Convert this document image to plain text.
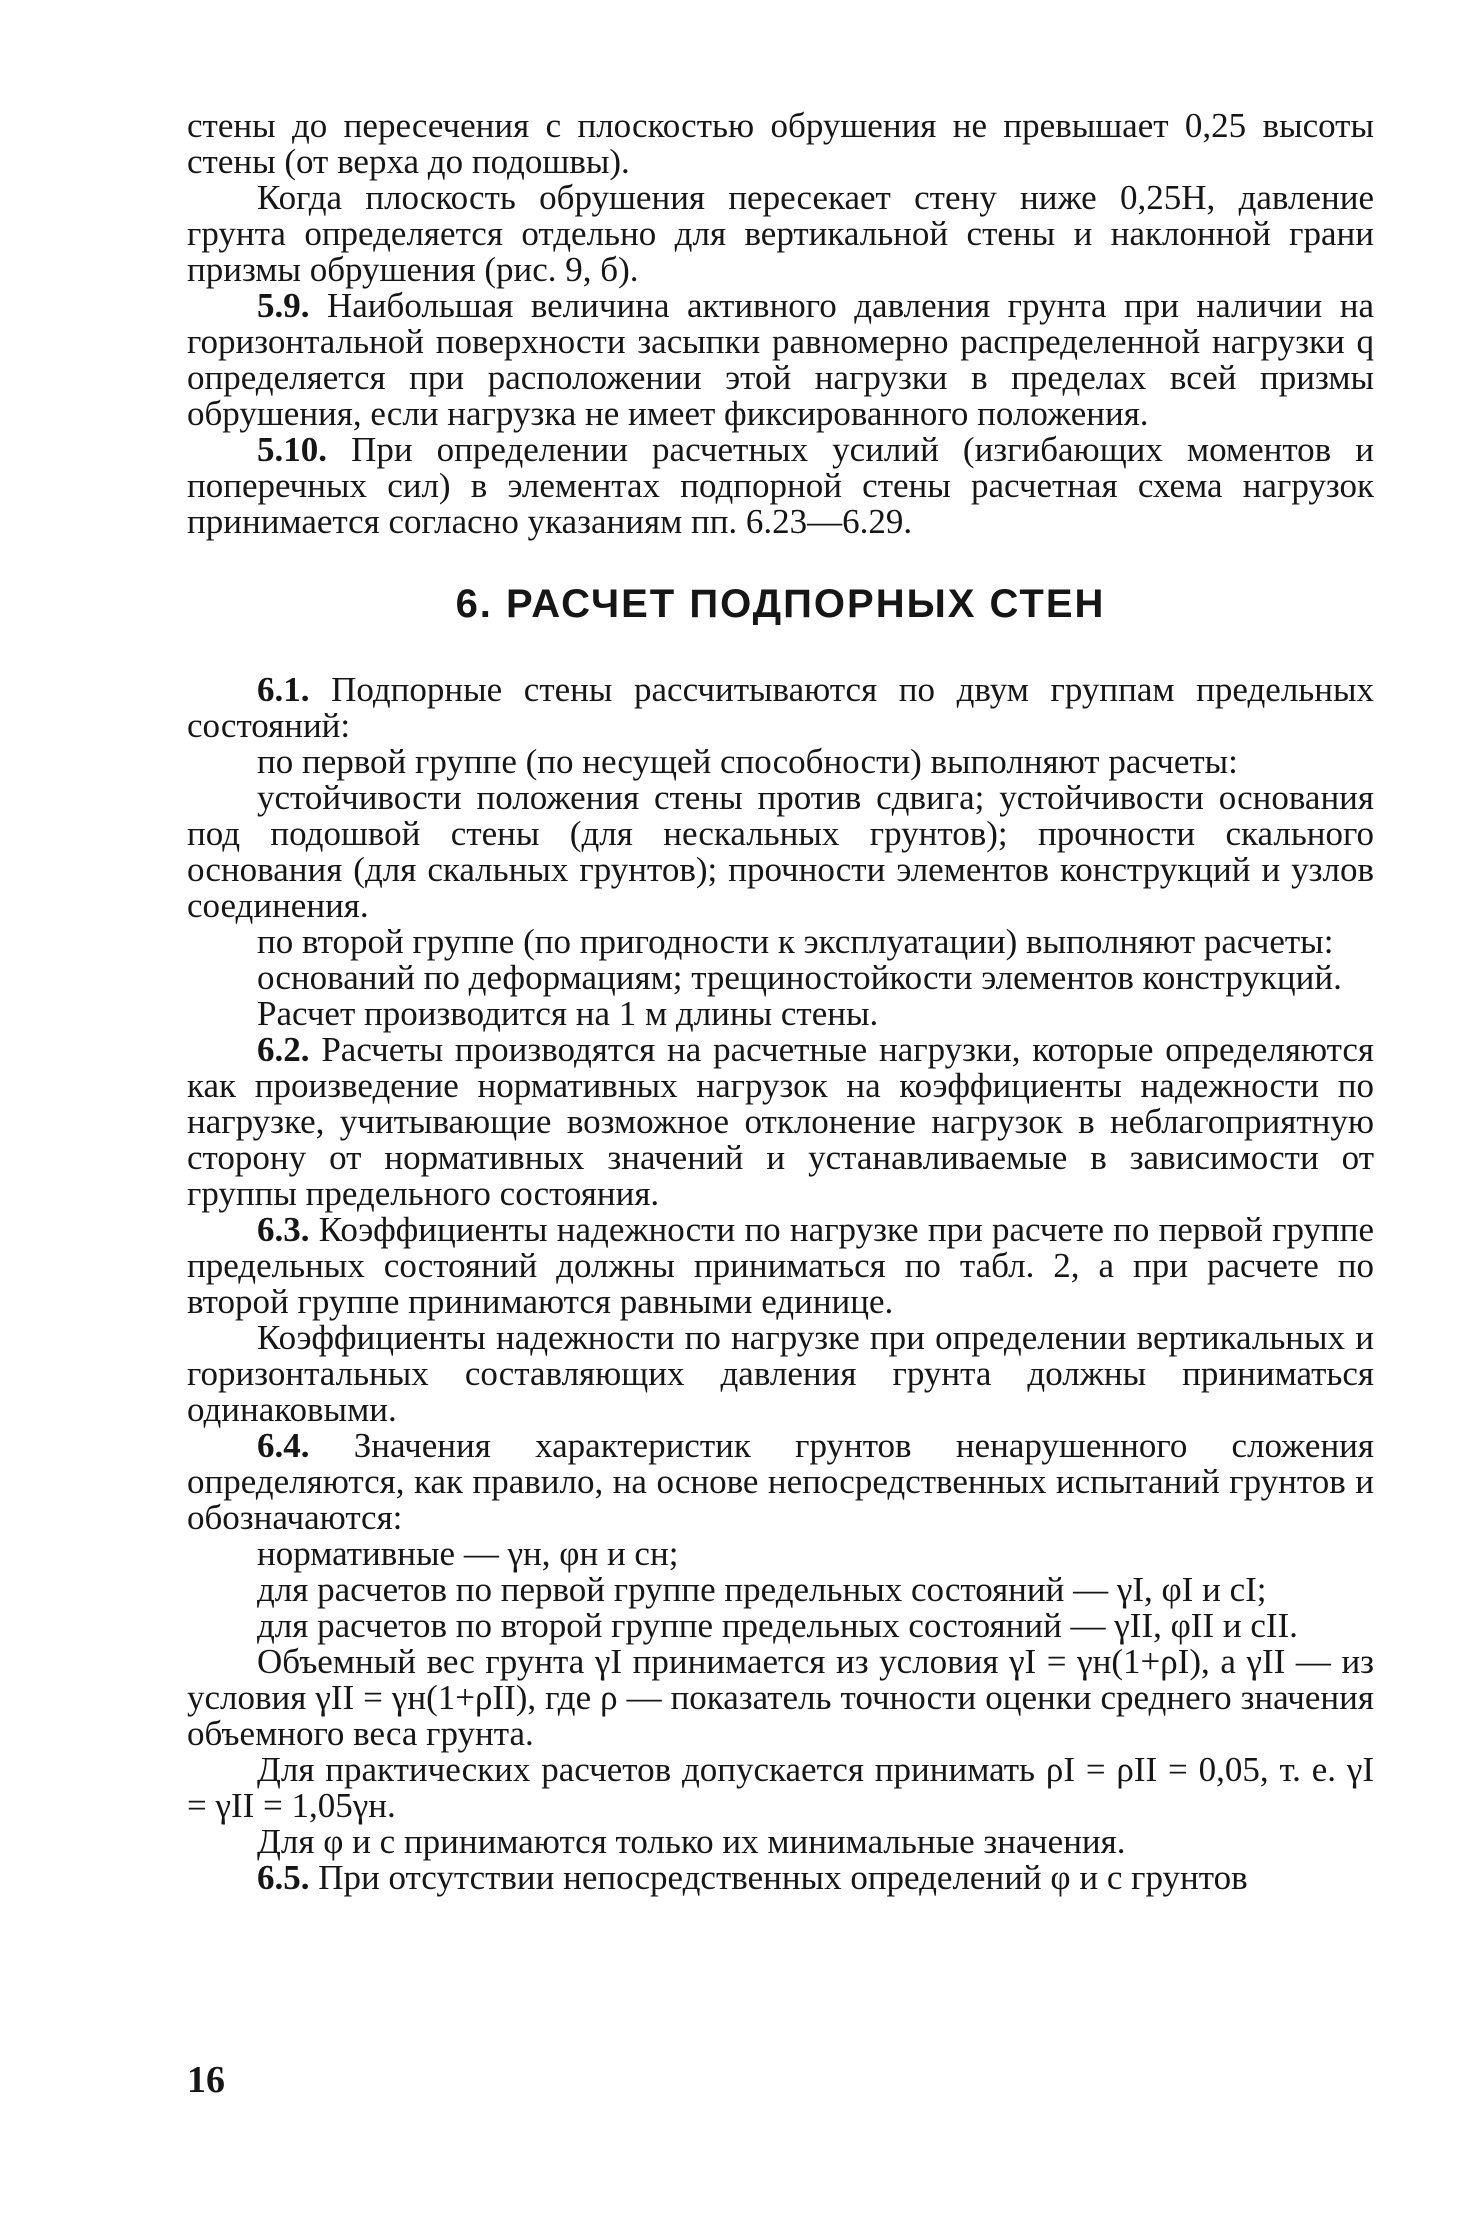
стены до пересечения с плоскостью обрушения не превышает 0,25 высоты стены (от верха до подошвы).

Когда плоскость обрушения пересекает стену ниже 0,25H, давление грунта определяется отдельно для вертикальной стены и наклонной грани призмы обрушения (рис. 9, б).

5.9. Наибольшая величина активного давления грунта при наличии на горизонтальной поверхности засыпки равномерно распределенной нагрузки q определяется при расположении этой нагрузки в пределах всей призмы обрушения, если нагрузка не имеет фиксированного положения.

5.10. При определении расчетных усилий (изгибающих моментов и поперечных сил) в элементах подпорной стены расчетная схема нагрузок принимается согласно указаниям пп. 6.23—6.29.

6. РАСЧЕТ ПОДПОРНЫХ СТЕН

6.1. Подпорные стены рассчитываются по двум группам предельных состояний:

по первой группе (по несущей способности) выполняют расчеты:

устойчивости положения стены против сдвига; устойчивости основания под подошвой стены (для нескальных грунтов); прочности скального основания (для скальных грунтов); прочности элементов конструкций и узлов соединения.

по второй группе (по пригодности к эксплуатации) выполняют расчеты:

оснований по деформациям; трещиностойкости элементов конструкций.

Расчет производится на 1 м длины стены.

6.2. Расчеты производятся на расчетные нагрузки, которые определяются как произведение нормативных нагрузок на коэффициенты надежности по нагрузке, учитывающие возможное отклонение нагрузок в неблагоприятную сторону от нормативных значений и устанавливаемые в зависимости от группы предельного состояния.

6.3. Коэффициенты надежности по нагрузке при расчете по первой группе предельных состояний должны приниматься по табл. 2, а при расчете по второй группе принимаются равными единице.

Коэффициенты надежности по нагрузке при определении вертикальных и горизонтальных составляющих давления грунта должны приниматься одинаковыми.

6.4. Значения характеристик грунтов ненарушенного сложения определяются, как правило, на основе непосредственных испытаний грунтов и обозначаются:

нормативные — γн, φн и cн;

для расчетов по первой группе предельных состояний — γI, φI и cI;

для расчетов по второй группе предельных состояний — γII, φII и cII.

Объемный вес грунта γI принимается из условия γI = γн(1+ρI), а γII — из условия γII = γн(1+ρII), где ρ — показатель точности оценки среднего значения объемного веса грунта.

Для практических расчетов допускается принимать ρI = ρII = 0,05, т. е. γI = γII = 1,05γн.

Для φ и c принимаются только их минимальные значения.

6.5. При отсутствии непосредственных определений φ и c грунтов

16
